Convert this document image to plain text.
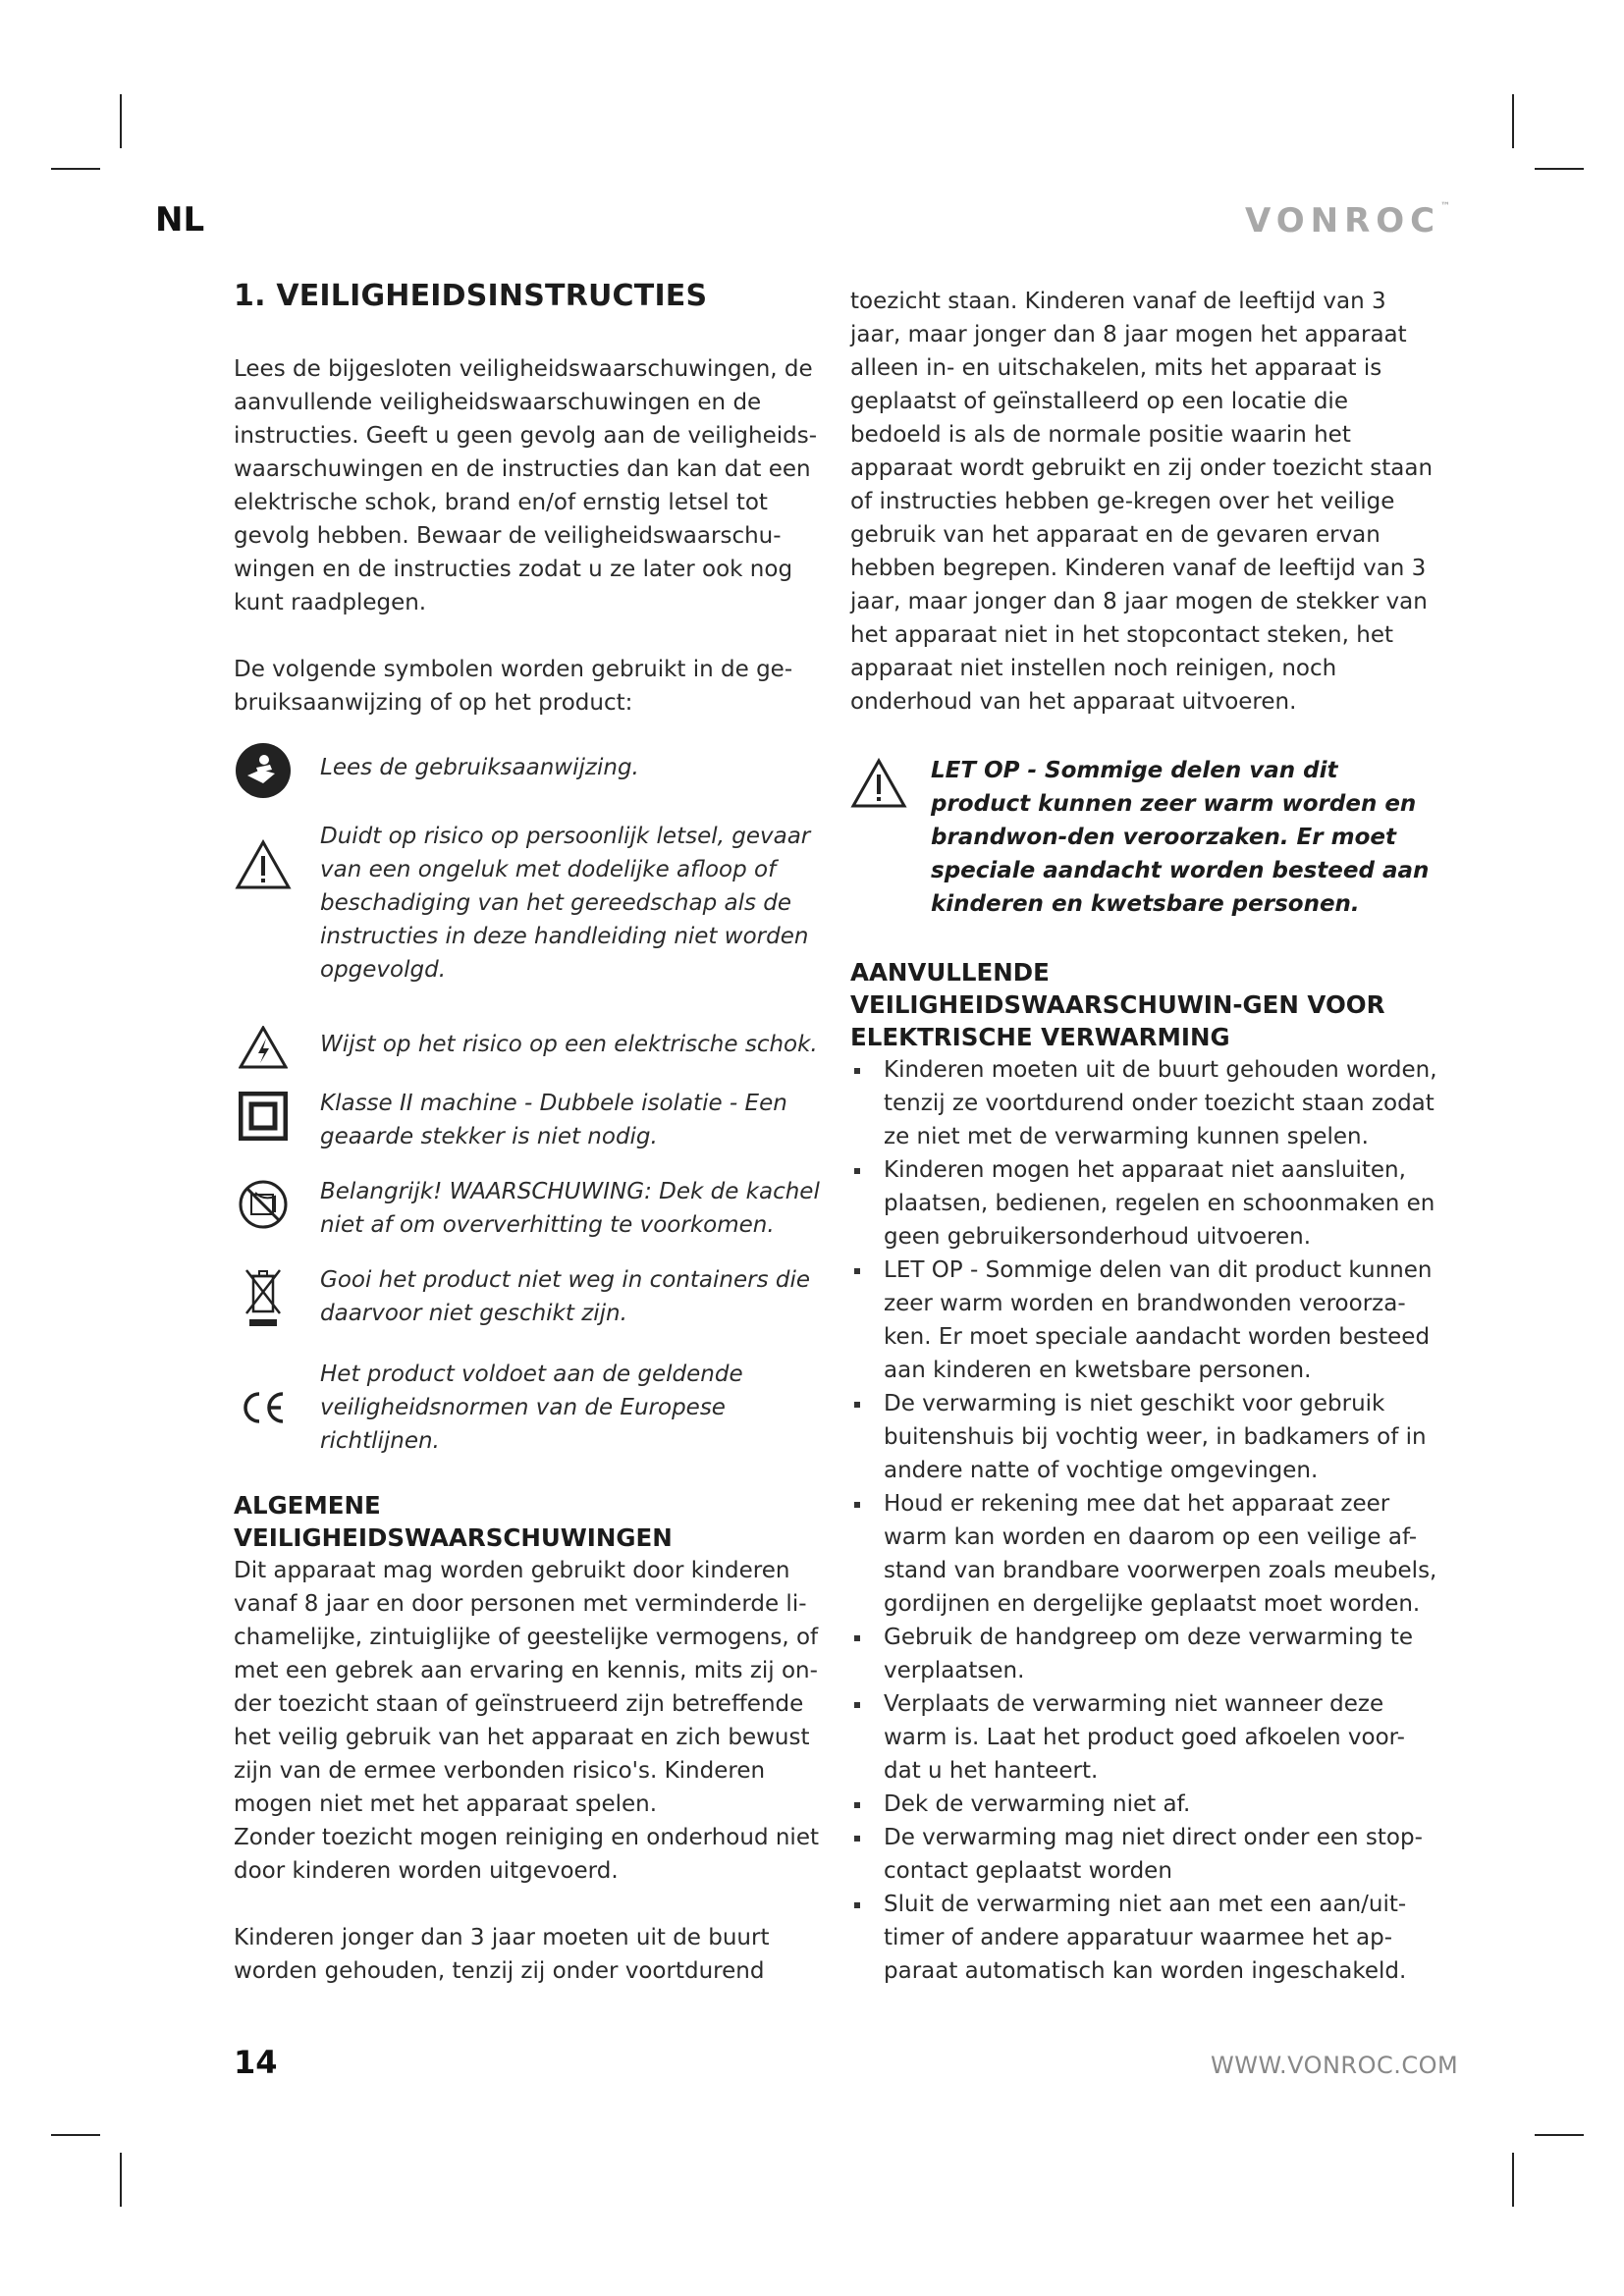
NL	VONROC™

1. VEILIGHEIDSINSTRUCTIES

Lees de bijgesloten veiligheidswaarschuwingen, de aanvullende veiligheidswaarschuwingen en de instructies. Geeft u geen gevolg aan de veiligheids-waarschuwingen en de instructies dan kan dat een elektrische schok, brand en/of ernstig letsel tot gevolg hebben. Bewaar de veiligheidswaarschu-wingen en de instructies zodat u ze later ook nog kunt raadplegen.

De volgende symbolen worden gebruikt in de ge-bruiksaanwijzing of op het product:

Lees de gebruiksaanwijzing.
Duidt op risico op persoonlijk letsel, gevaar van een ongeluk met dodelijke afloop of beschadiging van het gereedschap als de instructies in deze handleiding niet worden opgevolgd.
Wijst op het risico op een elektrische schok.
Klasse II machine - Dubbele isolatie - Een geaarde stekker is niet nodig.
Belangrijk! WAARSCHUWING: Dek de kachel niet af om oververhitting te voorkomen.
Gooi het product niet weg in containers die daarvoor niet geschikt zijn.
Het product voldoet aan de geldende veiligheidsnormen van de Europese richtlijnen.

ALGEMENE VEILIGHEIDSWAARSCHUWINGEN

Dit apparaat mag worden gebruikt door kinderen vanaf 8 jaar en door personen met verminderde li-chamelijke, zintuiglijke of geestelijke vermogens, of met een gebrek aan ervaring en kennis, mits zij on-der toezicht staan of geïnstrueerd zijn betreffende het veilig gebruik van het apparaat en zich bewust zijn van de ermee verbonden risico's. Kinderen mogen niet met het apparaat spelen.

Zonder toezicht mogen reiniging en onderhoud niet door kinderen worden uitgevoerd.

Kinderen jonger dan 3 jaar moeten uit de buurt worden gehouden, tenzij zij onder voortdurend

toezicht staan. Kinderen vanaf de leeftijd van 3 jaar, maar jonger dan 8 jaar mogen het apparaat alleen in- en uitschakelen, mits het apparaat is geplaatst of geïnstalleerd op een locatie die bedoeld is als de normale positie waarin het apparaat wordt gebruikt en zij onder toezicht staan of instructies hebben ge-kregen over het veilige gebruik van het apparaat en de gevaren ervan hebben begrepen. Kinderen vanaf de leeftijd van 3 jaar, maar jonger dan 8 jaar mogen de stekker van het apparaat niet in het stopcontact steken, het apparaat niet instellen noch reinigen, noch onderhoud van het apparaat uitvoeren.

LET OP - Sommige delen van dit product kunnen zeer warm worden en brandwon-den veroorzaken. Er moet speciale aandacht worden besteed aan kinderen en kwetsbare personen.

AANVULLENDE VEILIGHEIDSWAARSCHUWIN-GEN VOOR ELEKTRISCHE VERWARMING

Kinderen moeten uit de buurt gehouden worden, tenzij ze voortdurend onder toezicht staan zodat ze niet met de verwarming kunnen spelen.
Kinderen mogen het apparaat niet aansluiten, plaatsen, bedienen, regelen en schoonmaken en geen gebruikersonderhoud uitvoeren.
LET OP - Sommige delen van dit product kunnen zeer warm worden en brandwonden veroorza-ken. Er moet speciale aandacht worden besteed aan kinderen en kwetsbare personen.
De verwarming is niet geschikt voor gebruik buitenshuis bij vochtig weer, in badkamers of in andere natte of vochtige omgevingen.
Houd er rekening mee dat het apparaat zeer warm kan worden en daarom op een veilige af-stand van brandbare voorwerpen zoals meubels, gordijnen en dergelijke geplaatst moet worden.
Gebruik de handgreep om deze verwarming te verplaatsen.
Verplaats de verwarming niet wanneer deze warm is. Laat het product goed afkoelen voor-dat u het hanteert.
Dek de verwarming niet af.
De verwarming mag niet direct onder een stop-contact geplaatst worden
Sluit de verwarming niet aan met een aan/uit-timer of andere apparatuur waarmee het ap-paraat automatisch kan worden ingeschakeld.
14	WWW.VONROC.COM
